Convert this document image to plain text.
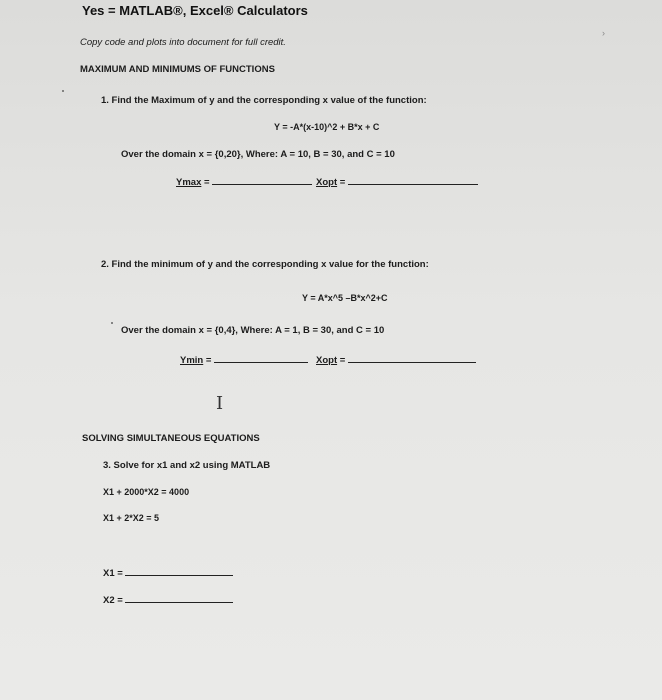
Yes = MATLAB®, Excel® Calculators
›
Copy code and plots into document for full credit.
MAXIMUM AND MINIMUMS OF FUNCTIONS
1. Find the Maximum of y and the corresponding x value of the function:
Y = -A*(x-10)^2 + B*x + C
Over the domain x = {0,20}, Where: A = 10, B = 30, and C = 10
Ymax =	Xopt =
2. Find the minimum of y and the corresponding x value for the function:
Y = A*x^5 –B*x^2+C
Over the domain x = {0,4}, Where: A = 1, B = 30, and C = 10
Ymin =	Xopt =
I
SOLVING SIMULTANEOUS EQUATIONS
3. Solve for x1 and x2 using MATLAB
X1 + 2000*X2 = 4000
X1 + 2*X2 = 5
X1 =
X2 =
